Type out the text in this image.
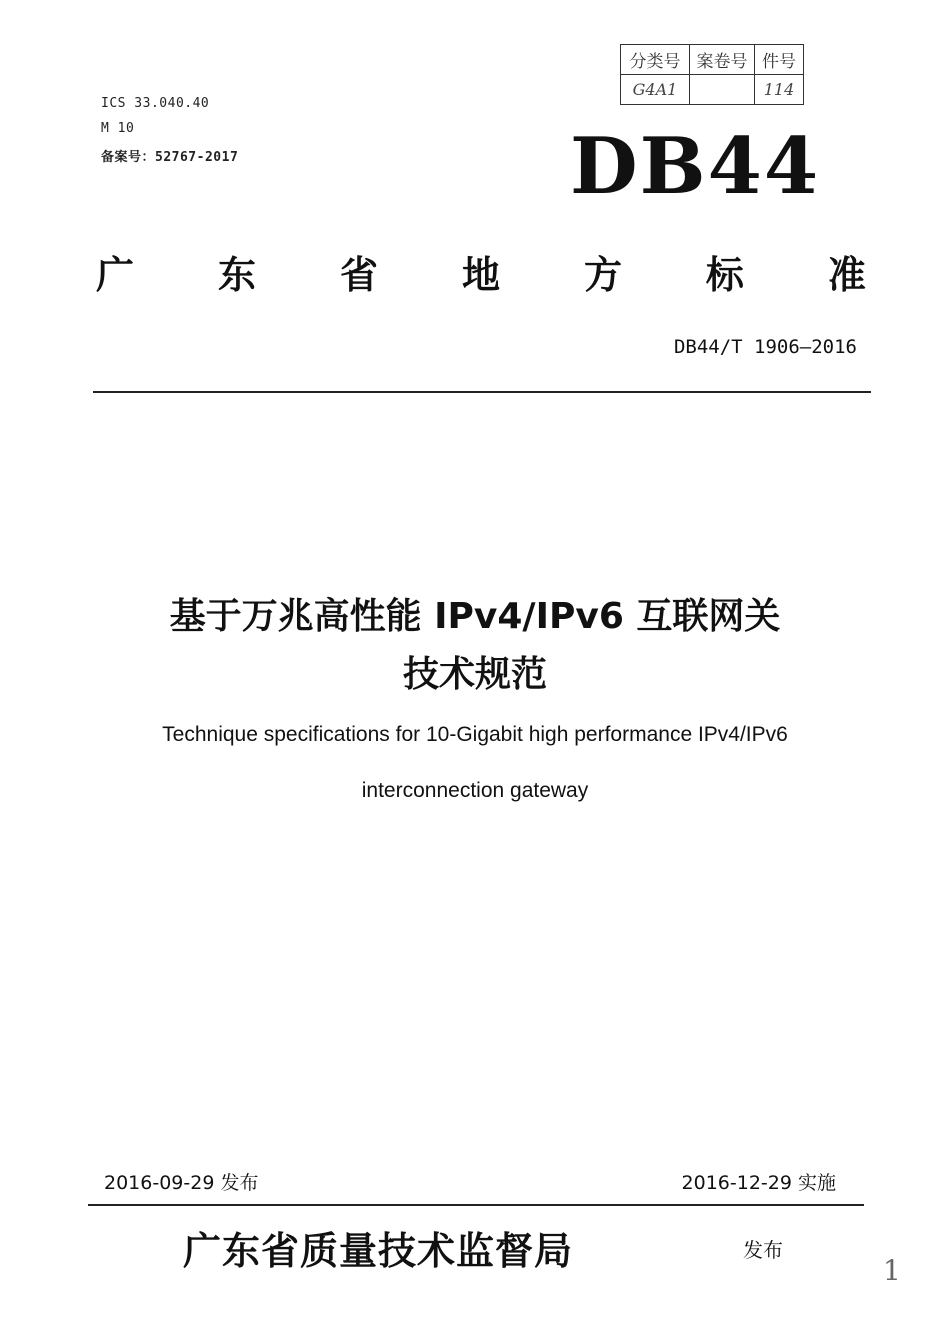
ICS 33.040.40
M 10
备案号：52767-2017
分类号	案卷号	件号
G4A1		114
DB44
广 东 省 地 方 标 准
DB44/T 1906—2016
基于万兆高性能 IPv4/IPv6 互联网关
技术规范
Technique specifications for 10-Gigabit high performance IPv4/IPv6
interconnection gateway
2016-09-29 发布	2016-12-29 实施
广东省质量技术监督局	发布
1
